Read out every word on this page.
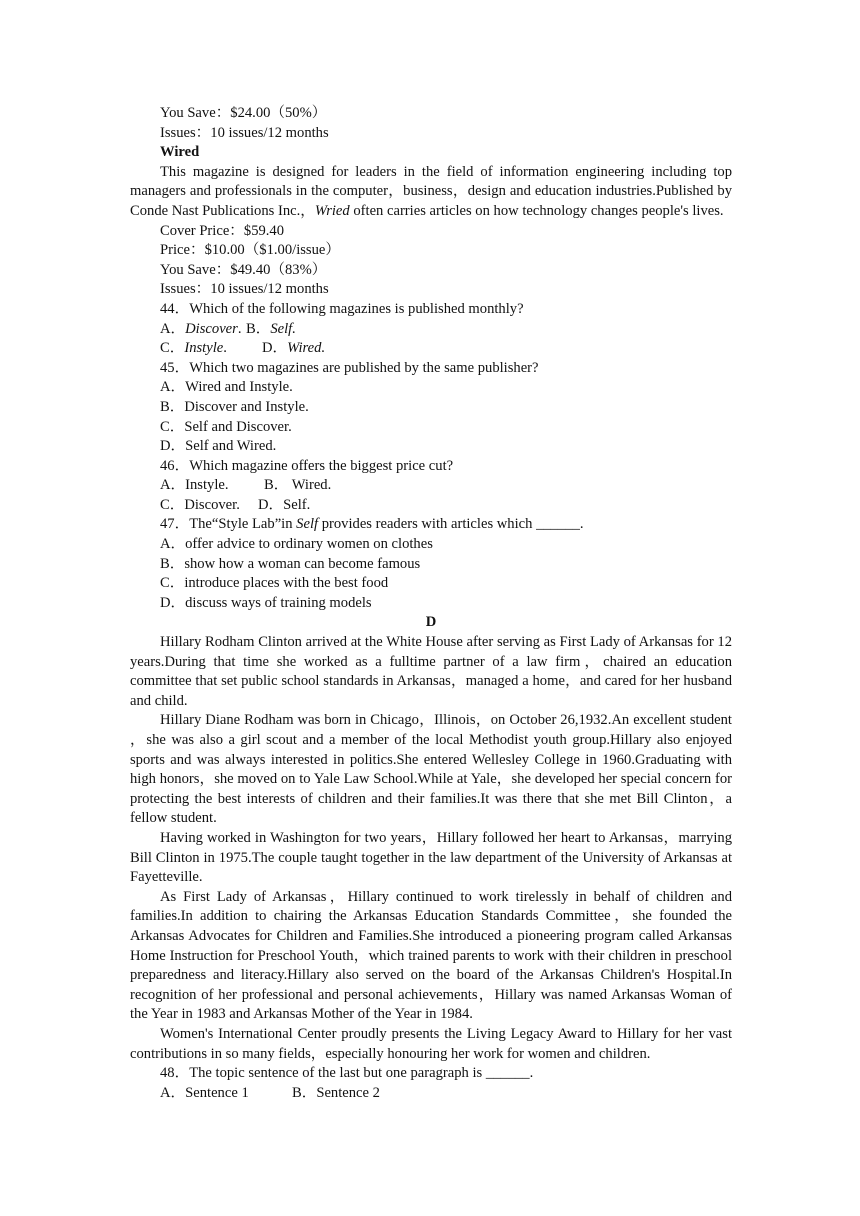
You Save：$24.00（50%）

Issues：10 issues/12 months

Wired

This magazine is designed for leaders in the field of information engineering including top managers and professionals in the computer，business，design and education industries.Published by Conde Nast Publications Inc.，Wried often carries articles on how technology changes people's lives.

Cover Price：$59.40

Price：$10.00（$1.00/issue）

You Save：$49.40（83%）

Issues：10 issues/12 months

44．Which of the following magazines is published monthly?

A．Discover. B．Self.
C．Instyle.	D．Wired.

45．Which two magazines are published by the same publisher?

A．Wired and Instyle.

B．Discover and Instyle.

C．Self and Discover.

D．Self and Wired.

46．Which magazine offers the biggest price cut?

A．Instyle.	B． Wired.
C．Discover.	D．Self.

47．The“Style Lab”in Self provides readers with articles which ______.

A．offer advice to ordinary women on clothes

B．show how a woman can become famous

C．introduce places with the best food

D．discuss ways of training models

D

Hillary Rodham Clinton arrived at the White House after serving as First Lady of Arkansas for 12 years.During that time she worked as a fulltime partner of a law firm，chaired an education committee that set public school standards in Arkansas，managed a home，and cared for her husband and child.

Hillary Diane Rodham was born in Chicago，Illinois，on October 26,1932.An excellent student ，she was also a girl scout and a member of the local Methodist youth group.Hillary also enjoyed sports and was always interested in politics.She entered Wellesley College in 1960.Graduating with high honors，she moved on to Yale Law School.While at Yale，she developed her special concern for protecting the best interests of children and their families.It was there that she met Bill Clinton，a fellow student.

Having worked in Washington for two years，Hillary followed her heart to Arkansas，marrying Bill Clinton in 1975.The couple taught together in the law department of the University of Arkansas at Fayetteville.

As First Lady of Arkansas，Hillary continued to work tirelessly in behalf of children and families.In addition to chairing the Arkansas Education Standards Committee，she founded the Arkansas Advocates for Children and Families.She introduced a pioneering program called Arkansas Home Instruction for Preschool Youth，which trained parents to work with their children in preschool preparedness and literacy.Hillary also served on the board of the Arkansas Children's Hospital.In recognition of her professional and personal achievements，Hillary was named Arkansas Woman of the Year in 1983 and Arkansas Mother of the Year in 1984.

Women's International Center proudly presents the Living Legacy Award to Hillary for her vast contributions in so many fields，especially honouring her work for women and children.

48．The topic sentence of the last but one paragraph is ______.

A．Sentence 1	B．Sentence 2
